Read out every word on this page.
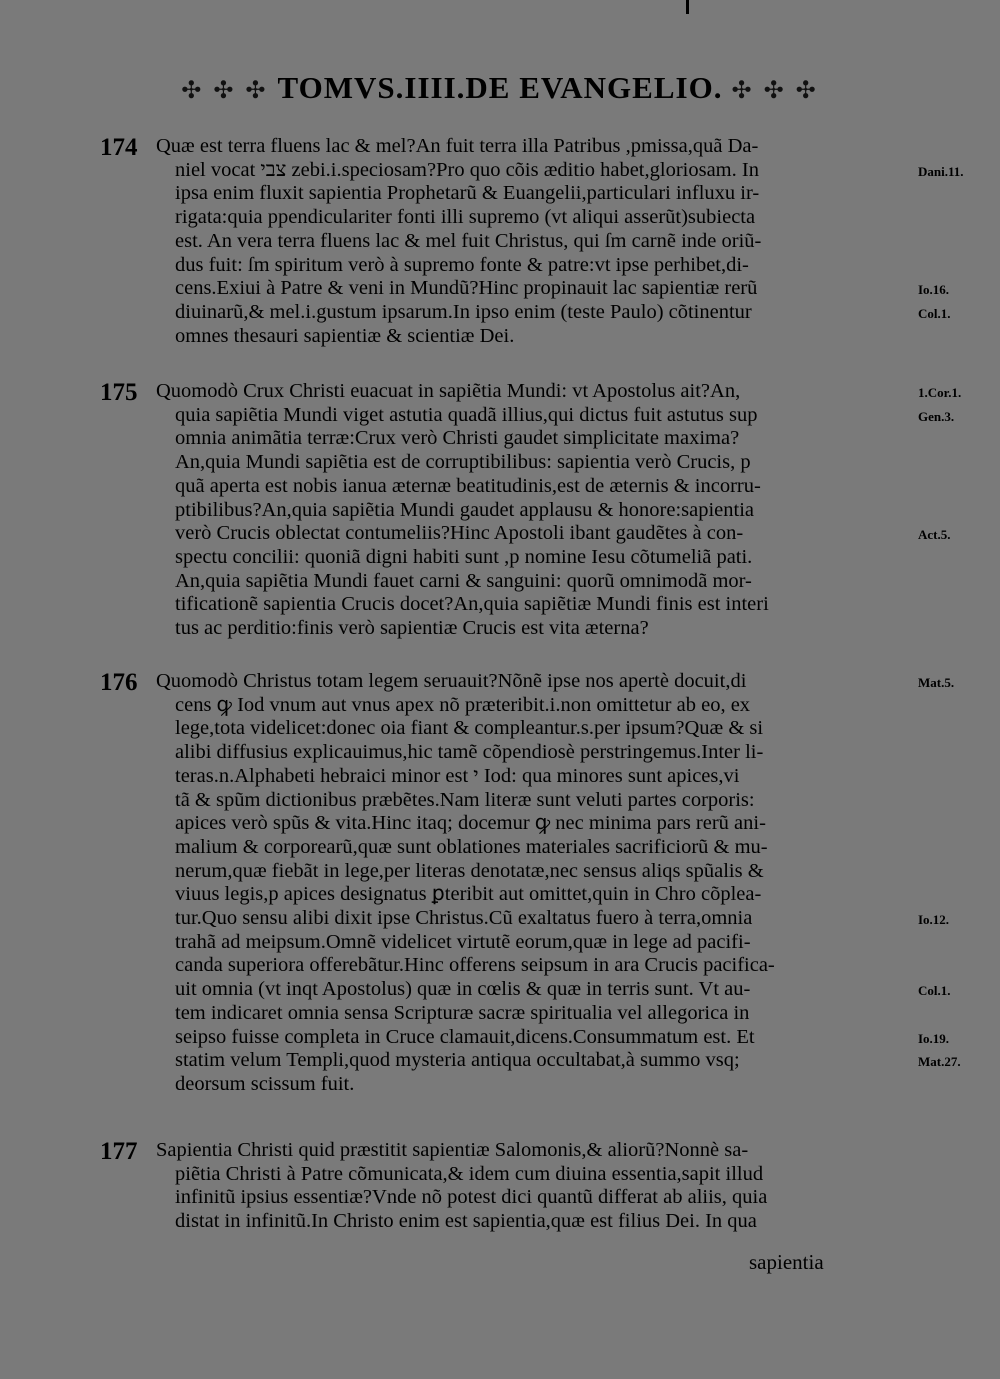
✣ ✣ ✣ TOMVS.IIII.DE EVANGELIO. ✣ ✣ ✣
174 Quæ est terra fluens lac & mel?An fuit terra illa Patribus ,pmissa,quã Da-
niel vocat צבי zebi.i.speciosam?Pro quo cõis æditio habet,gloriosam. In
ipsa enim fluxit sapientia Prophetarũ & Euangelii,particulari influxu ir-
rigata:quia ppendiculariter fonti illi supremo (vt aliqui asserũt)subiecta
est. An vera terra fluens lac & mel fuit Christus, qui ſm carnẽ inde oriũ-
dus fuit: ſm spiritum verò à supremo fonte & patre:vt ipse perhibet,di-
cens.Exiui à Patre & veni in Mundũ?Hinc propinauit lac sapientiæ rerũ
diuinarũ,& mel.i.gustum ipsarum.In ipso enim (teste Paulo) cõtinentur
omnes thesauri sapientiæ & scientiæ Dei.
Dani.11.
Io.16.
Col.1.
175 Quomodò Crux Christi euacuat in sapiẽtia Mundi: vt Apostolus ait?An,
quia sapiẽtia Mundi viget astutia quadã illius,qui dictus fuit astutus sup
omnia animãtia terræ:Crux verò Christi gaudet simplicitate maxima?
An,quia Mundi sapiẽtia est de corruptibilibus: sapientia verò Crucis, p
quã aperta est nobis ianua æternæ beatitudinis,est de æternis & incorru-
ptibilibus?An,quia sapiẽtia Mundi gaudet applausu & honore:sapientia
verò Crucis oblectat contumeliis?Hinc Apostoli ibant gaudẽtes à con-
spectu concilii: quoniã digni habiti sunt ,p nomine Iesu cõtumeliã pati.
An,quia sapiẽtia Mundi fauet carni & sanguini: quorũ omnimodã mor-
tificationẽ sapientia Crucis docet?An,quia sapiẽtiæ Mundi finis est interi
tus ac perditio:finis verò sapientiæ Crucis est vita æterna?
1.Cor.1.
Gen.3.
Act.5.
176 Quomodò Christus totam legem seruauit?Nõnẽ ipse nos apertè docuit,di
cens ꝙ Iod vnum aut vnus apex nõ præteribit.i.non omittetur ab eo, ex
lege,tota videlicet:donec oia fiant & compleantur.s.per ipsum?Quæ & si
alibi diffusius explicauimus,hic tamẽ cõpendiosè perstringemus.Inter li-
teras.n.Alphabeti hebraici minor est י Iod: qua minores sunt apices,vi
tã & spũm dictionibus præbẽtes.Nam literæ sunt veluti partes corporis:
apices verò spũs & vita.Hinc itaq; docemur ꝙ nec minima pars rerũ ani-
malium & corporearũ,quæ sunt oblationes materiales sacrificiorũ & mu-
nerum,quæ fiebãt in lege,per literas denotatæ,nec sensus aliqs spũalis &
viuus legis,p apices designatus ꝑteribit aut omittet,quin in Chro cõplea-
tur.Quo sensu alibi dixit ipse Christus.Cũ exaltatus fuero à terra,omnia
trahã ad meipsum.Omnẽ videlicet virtutẽ eorum,quæ in lege ad pacifi-
canda superiora offerebãtur.Hinc offerens seipsum in ara Crucis pacifica-
uit omnia (vt inqt Apostolus) quæ in cœlis & quæ in terris sunt. Vt au-
tem indicaret omnia sensa Scripturæ sacræ spiritualia vel allegorica in
seipso fuisse completa in Cruce clamauit,dicens.Consummatum est. Et
statim velum Templi,quod mysteria antiqua occultabat,à summo vsq;
deorsum scissum fuit.
Mat.5.
Io.12.
Col.1.
Io.19.
Mat.27.
177 Sapientia Christi quid præstitit sapientiæ Salomonis,& aliorũ?Nonnè sa-
piẽtia Christi à Patre cõmunicata,& idem cum diuina essentia,sapit illud
infinitũ ipsius essentiæ?Vnde nõ potest dici quantũ differat ab aliis, quia
distat in infinitũ.In Christo enim est sapientia,quæ est filius Dei. In qua
sapientia
